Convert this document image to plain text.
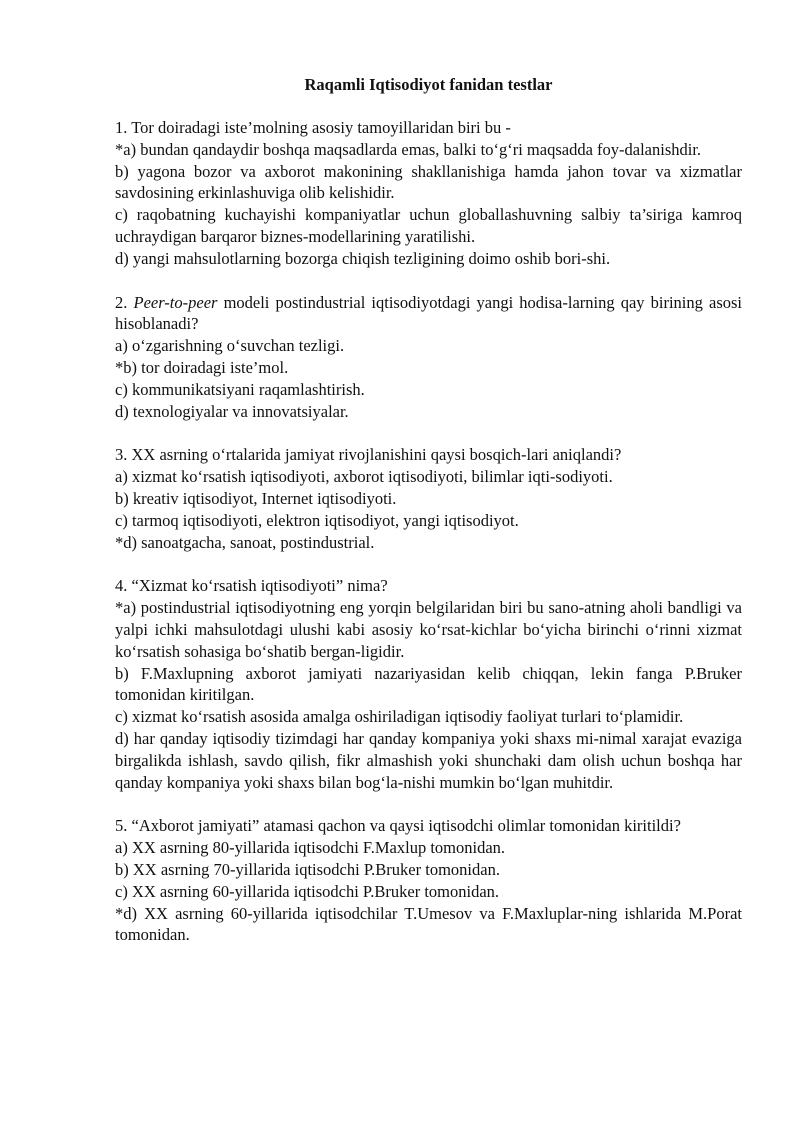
Raqamli Iqtisodiyot fanidan testlar

1. Tor doiradagi iste’molning asosiy tamoyillaridan biri bu -

*a) bundan qandaydir boshqa maqsadlarda emas, balki to‘g‘ri maqsadda foy-dalanishdir.

b) yagona bozor va axborot makonining shakllanishiga hamda jahon tovar va xizmatlar savdosining erkinlashuviga olib kelishidir.

c) raqobatning kuchayishi kompaniyatlar uchun globallashuvning salbiy ta’siriga kamroq uchraydigan barqaror biznes-modellarining yaratilishi.

d) yangi mahsulotlarning bozorga chiqish tezligining doimo oshib bori-shi.

2. Peer-to-peer modeli postindustrial iqtisodiyotdagi yangi hodisa-larning qay birining asosi hisoblanadi?

a) o‘zgarishning o‘suvchan tezligi.

*b) tor doiradagi iste’mol.

c) kommunikatsiyani raqamlashtirish.

d) texnologiyalar va innovatsiyalar.

3. XX asrning o‘rtalarida jamiyat rivojlanishini qaysi bosqich-lari aniqlandi?

a) xizmat ko‘rsatish iqtisodiyoti, axborot iqtisodiyoti, bilimlar iqti-sodiyoti.

b) kreativ iqtisodiyot, Internet iqtisodiyoti.

c) tarmoq iqtisodiyoti, elektron iqtisodiyot, yangi iqtisodiyot.

*d) sanoatgacha, sanoat, postindustrial.

4. “Xizmat ko‘rsatish iqtisodiyoti” nima?

*a) postindustrial iqtisodiyotning eng yorqin belgilaridan biri bu sano-atning aholi bandligi va yalpi ichki mahsulotdagi ulushi kabi asosiy ko‘rsat-kichlar bo‘yicha birinchi o‘rinni xizmat ko‘rsatish sohasiga bo‘shatib bergan-ligidir.

b) F.Maxlupning axborot jamiyati nazariyasidan kelib chiqqan, lekin fanga P.Bruker tomonidan kiritilgan.

c) xizmat ko‘rsatish asosida amalga oshiriladigan iqtisodiy faoliyat turlari to‘plamidir.

d) har qanday iqtisodiy tizimdagi har qanday kompaniya yoki shaxs mi-nimal xarajat evaziga birgalikda ishlash, savdo qilish, fikr almashish yoki shunchaki dam olish uchun boshqa har qanday kompaniya yoki shaxs bilan bog‘la-nishi mumkin bo‘lgan muhitdir.

5. “Axborot jamiyati” atamasi qachon va qaysi iqtisodchi olimlar tomonidan kiritildi?

a) XX asrning 80-yillarida iqtisodchi F.Maxlup tomonidan.

b) XX asrning 70-yillarida iqtisodchi P.Bruker tomonidan.

c) XX asrning 60-yillarida iqtisodchi P.Bruker tomonidan.

*d) XX asrning 60-yillarida iqtisodchilar T.Umesov va F.Maxluplar-ning ishlarida M.Porat tomonidan.
